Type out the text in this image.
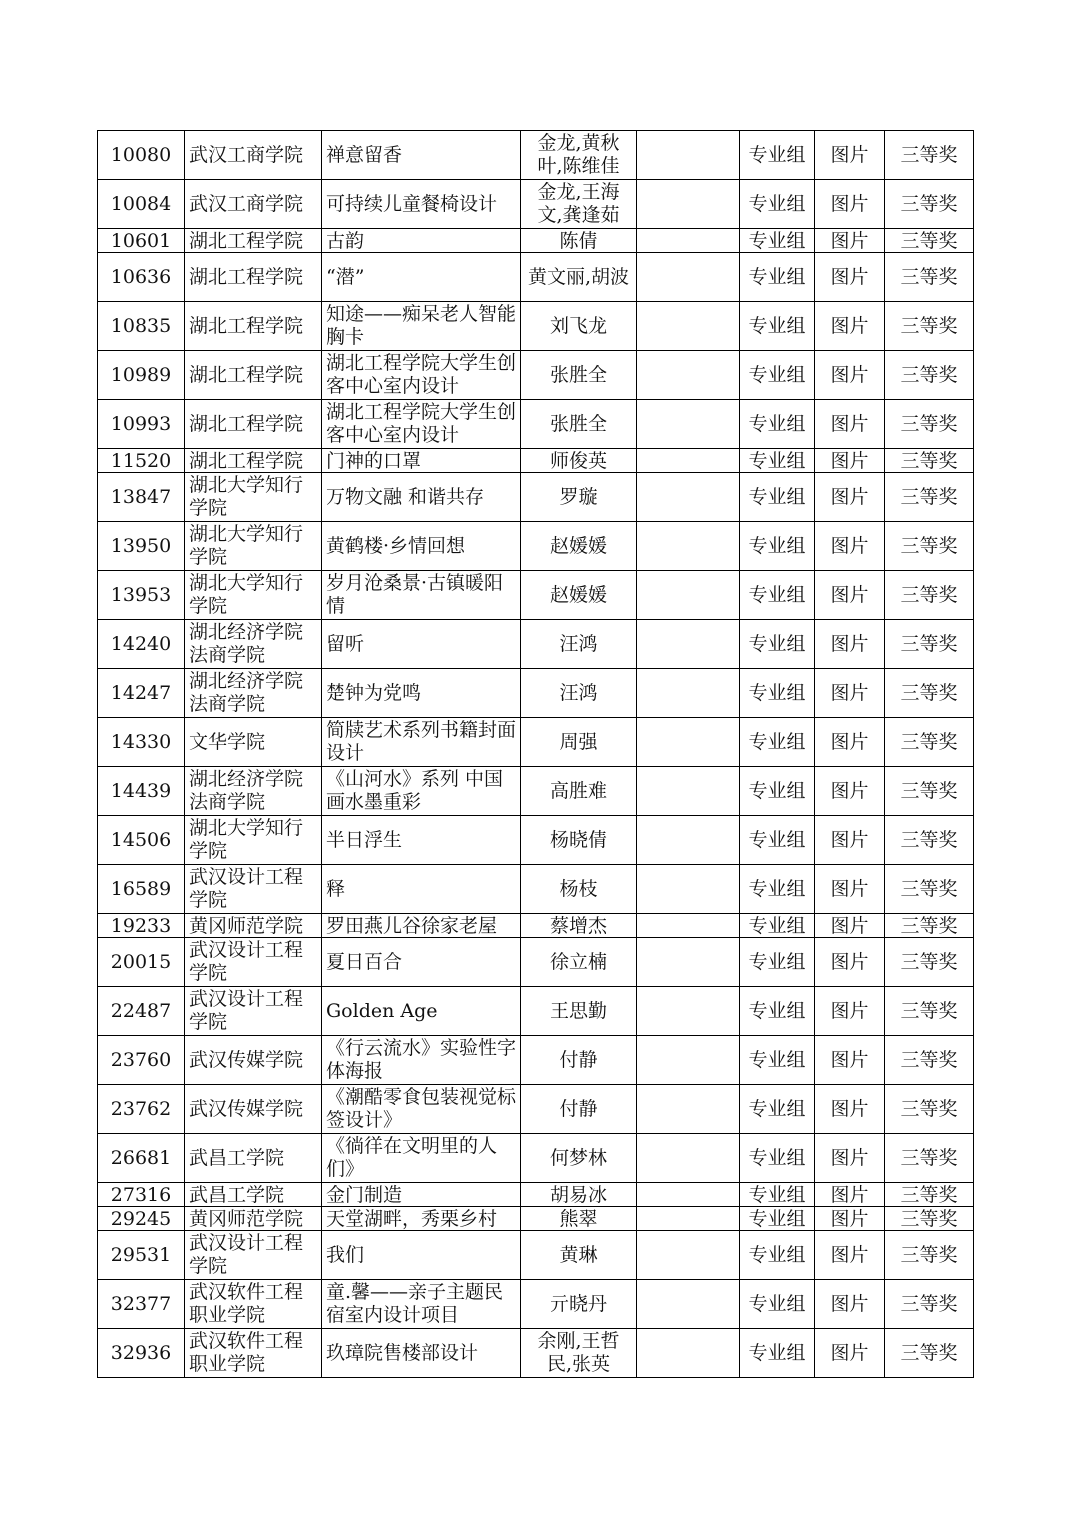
10080	武汉工商学院	禅意留香	金龙,黄秋叶,陈维佳		专业组	图片	三等奖
10084	武汉工商学院	可持续儿童餐椅设计	金龙,王海文,龚逢茹		专业组	图片	三等奖
10601	湖北工程学院	古韵	陈倩		专业组	图片	三等奖
10636	湖北工程学院	“潜”	黄文丽,胡波		专业组	图片	三等奖
10835	湖北工程学院	知途——痴呆老人智能胸卡	刘飞龙		专业组	图片	三等奖
10989	湖北工程学院	湖北工程学院大学生创客中心室内设计	张胜全		专业组	图片	三等奖
10993	湖北工程学院	湖北工程学院大学生创客中心室内设计	张胜全		专业组	图片	三等奖
11520	湖北工程学院	门神的口罩	师俊英		专业组	图片	三等奖
13847	湖北大学知行学院	万物文融 和谐共存	罗璇		专业组	图片	三等奖
13950	湖北大学知行学院	黄鹤楼·乡情回想	赵媛媛		专业组	图片	三等奖
13953	湖北大学知行学院	岁月沧桑景·古镇暖阳情	赵媛媛		专业组	图片	三等奖
14240	湖北经济学院法商学院	留听	汪鸿		专业组	图片	三等奖
14247	湖北经济学院法商学院	楚钟为党鸣	汪鸿		专业组	图片	三等奖
14330	文华学院	简牍艺术系列书籍封面设计	周强		专业组	图片	三等奖
14439	湖北经济学院法商学院	《山河水》系列 中国画水墨重彩	高胜难		专业组	图片	三等奖
14506	湖北大学知行学院	半日浮生	杨晓倩		专业组	图片	三等奖
16589	武汉设计工程学院	释	杨枝		专业组	图片	三等奖
19233	黄冈师范学院	罗田燕儿谷徐家老屋	蔡增杰		专业组	图片	三等奖
20015	武汉设计工程学院	夏日百合	徐立楠		专业组	图片	三等奖
22487	武汉设计工程学院	Golden Age	王思勤		专业组	图片	三等奖
23760	武汉传媒学院	《行云流水》实验性字体海报	付静		专业组	图片	三等奖
23762	武汉传媒学院	《潮酷零食包装视觉标签设计》	付静		专业组	图片	三等奖
26681	武昌工学院	《徜徉在文明里的人们》	何梦林		专业组	图片	三等奖
27316	武昌工学院	金门制造	胡易冰		专业组	图片	三等奖
29245	黄冈师范学院	天堂湖畔，秀栗乡村	熊翠		专业组	图片	三等奖
29531	武汉设计工程学院	我们	黄琳		专业组	图片	三等奖
32377	武汉软件工程职业学院	童.馨——亲子主题民宿室内设计项目	亓晓丹		专业组	图片	三等奖
32936	武汉软件工程职业学院	玖璋院售楼部设计	余刚,王哲民,张英		专业组	图片	三等奖
